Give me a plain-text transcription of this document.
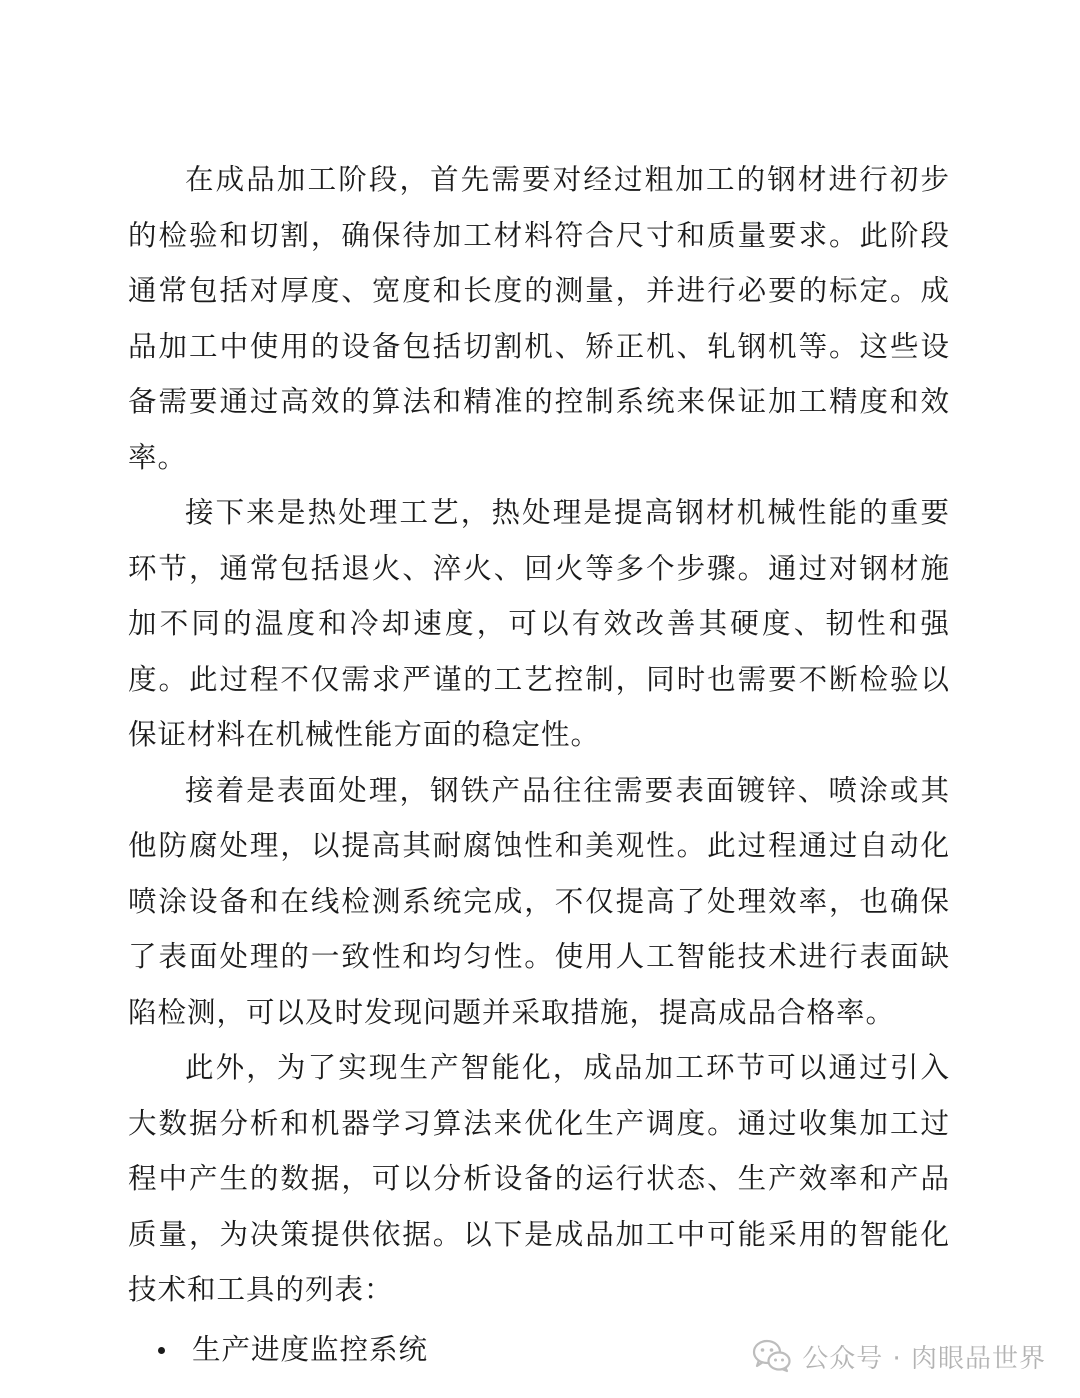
在成品加工阶段，首先需要对经过粗加工的钢材进行初步的检验和切割，确保待加工材料符合尺寸和质量要求。此阶段通常包括对厚度、宽度和长度的测量，并进行必要的标定。成品加工中使用的设备包括切割机、矫正机、轧钢机等。这些设备需要通过高效的算法和精准的控制系统来保证加工精度和效率。

接下来是热处理工艺，热处理是提高钢材机械性能的重要环节，通常包括退火、淬火、回火等多个步骤。通过对钢材施加不同的温度和冷却速度，可以有效改善其硬度、韧性和强度。此过程不仅需求严谨的工艺控制，同时也需要不断检验以保证材料在机械性能方面的稳定性。

接着是表面处理，钢铁产品往往需要表面镀锌、喷涂或其他防腐处理，以提高其耐腐蚀性和美观性。此过程通过自动化喷涂设备和在线检测系统完成，不仅提高了处理效率，也确保了表面处理的一致性和均匀性。使用人工智能技术进行表面缺陷检测，可以及时发现问题并采取措施，提高成品合格率。

此外，为了实现生产智能化，成品加工环节可以通过引入大数据分析和机器学习算法来优化生产调度。通过收集加工过程中产生的数据，可以分析设备的运行状态、生产效率和产品质量，为决策提供依据。以下是成品加工中可能采用的智能化技术和工具的列表：

生产进度监控系统	公众号 · 肉眼品世界
